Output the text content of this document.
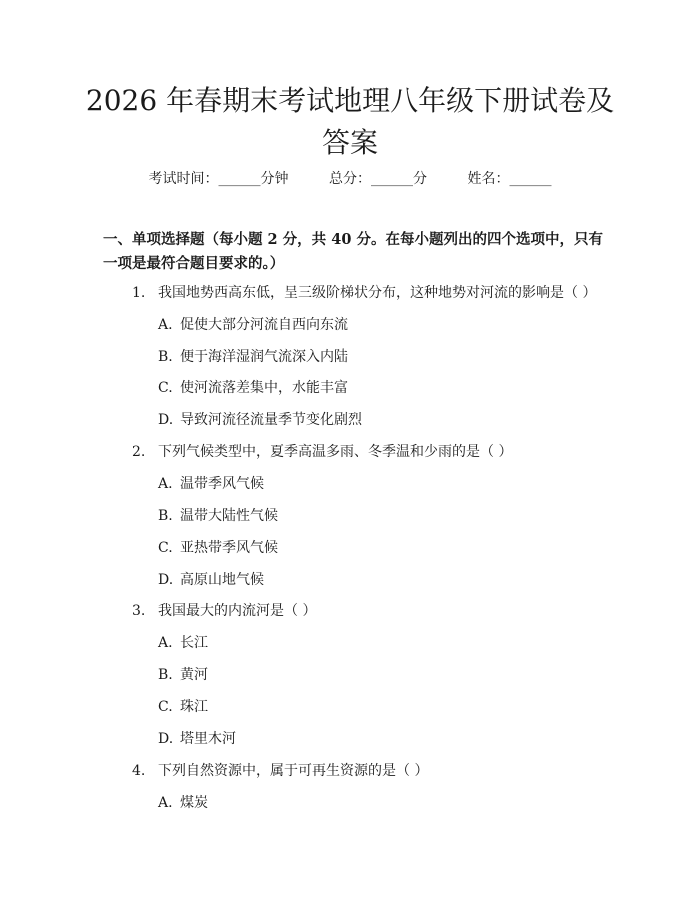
2026 年春期末考试地理八年级下册试卷及答案
考试时间：______分钟	总分：______分	姓名：______

一、单项选择题（每小题 2 分，共 40 分。在每小题列出的四个选项中，只有一项是最符合题目要求的。）

1. 我国地势西高东低，呈三级阶梯状分布，这种地势对河流的影响是（ ）
A. 促使大部分河流自西向东流
B. 便于海洋湿润气流深入内陆
C. 使河流落差集中，水能丰富
D. 导致河流径流量季节变化剧烈
2. 下列气候类型中，夏季高温多雨、冬季温和少雨的是（ ）
A. 温带季风气候
B. 温带大陆性气候
C. 亚热带季风气候
D. 高原山地气候
3. 我国最大的内流河是（ ）
A. 长江
B. 黄河
C. 珠江
D. 塔里木河
4. 下列自然资源中，属于可再生资源的是（ ）
A. 煤炭
